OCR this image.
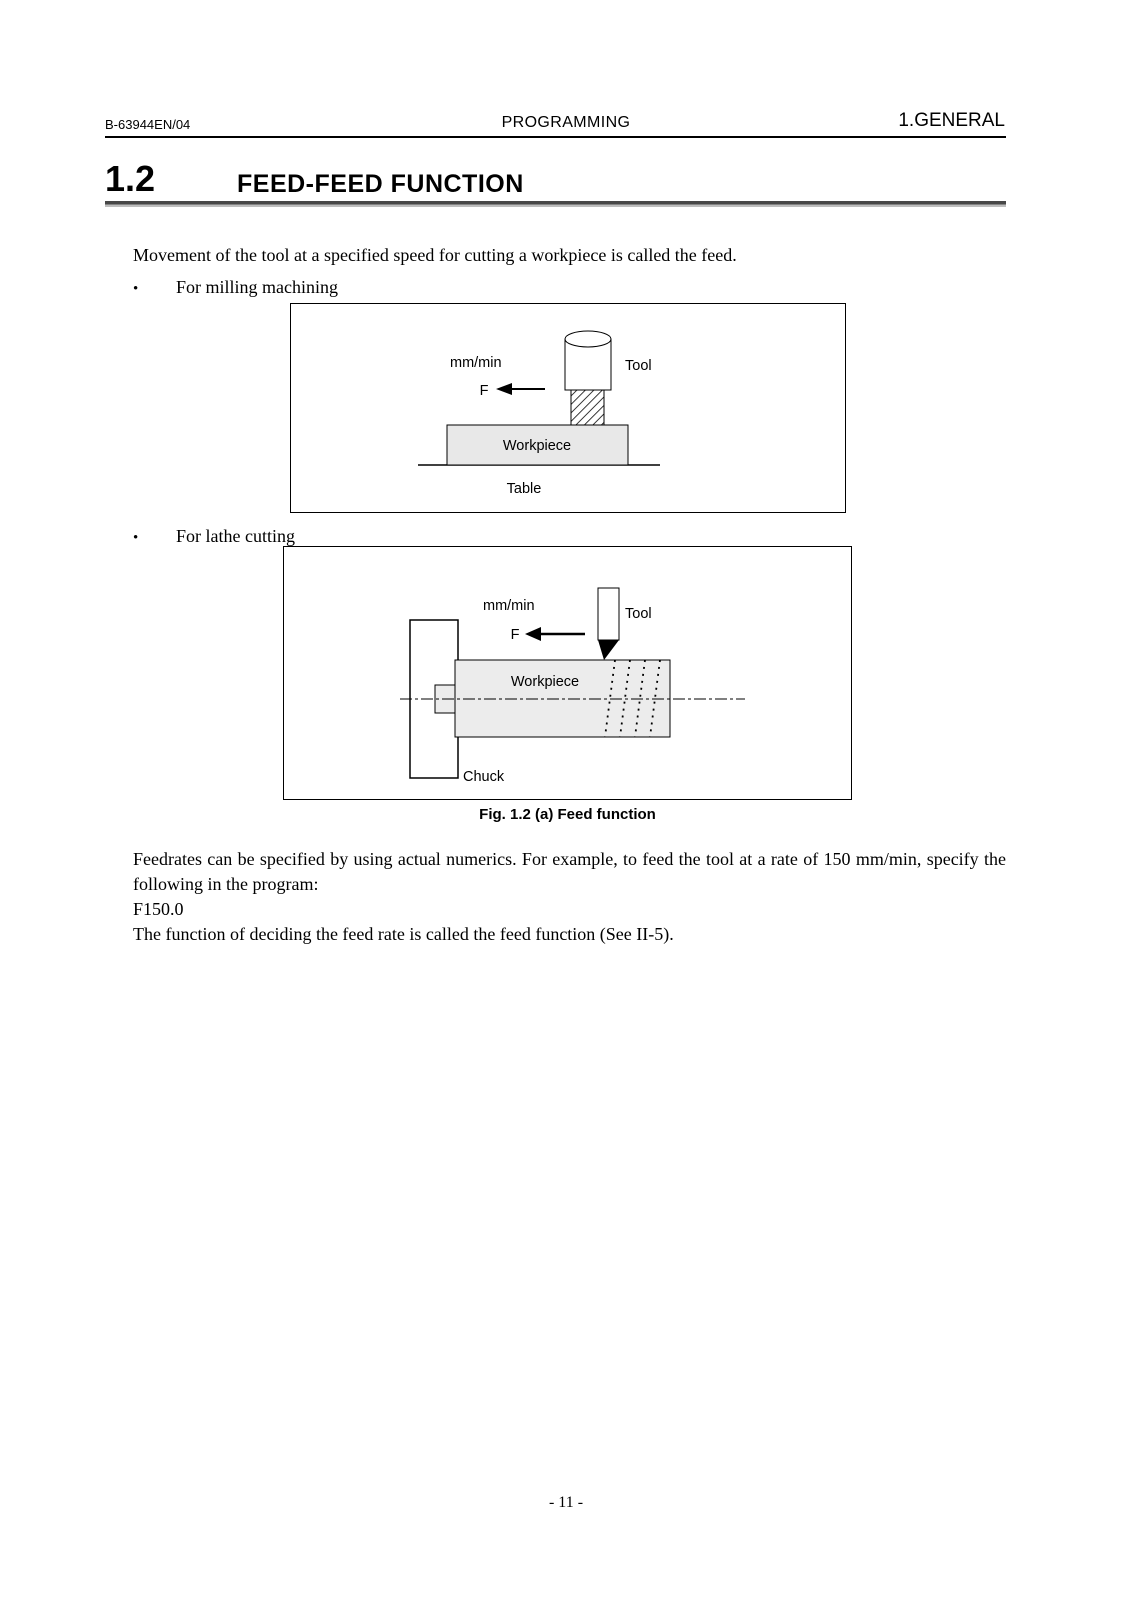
B-63944EN/04	PROGRAMMING	1.GENERAL
1.2	FEED-FEED FUNCTION

Movement of the tool at a specified speed for cutting a workpiece is called the feed.

•	For milling machining
mm/min	Tool
F
Workpiece
Table
•	For lathe cutting
mm/min	Tool
F
Workpiece
Chuck
Fig. 1.2 (a) Feed function

Feedrates can be specified by using actual numerics. For example, to feed the tool at a rate of 150 mm/min, specify the following in the program:

F150.0

The function of deciding the feed rate is called the feed function (See II-5).

- 11 -
